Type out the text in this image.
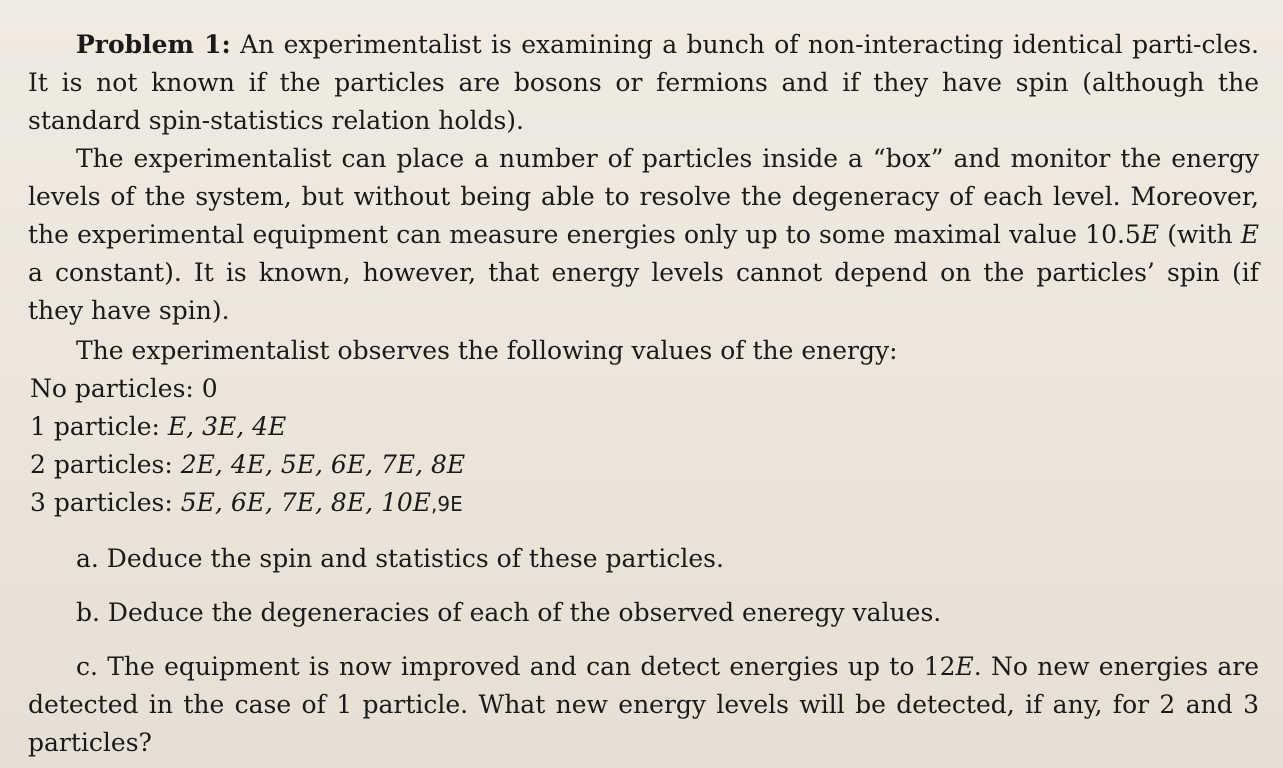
Problem 1: An experimentalist is examining a bunch of non-interacting identical parti-cles. It is not known if the particles are bosons or fermions and if they have spin (although the standard spin-statistics relation holds).
The experimentalist can place a number of particles inside a “box” and monitor the energy levels of the system, but without being able to resolve the degeneracy of each level. Moreover, the experimental equipment can measure energies only up to some maximal value 10.5E (with E a constant). It is known, however, that energy levels cannot depend on the particles’ spin (if they have spin).
The experimentalist observes the following values of the energy:
No particles: 0
1 particle: E, 3E, 4E
2 particles: 2E, 4E, 5E, 6E, 7E, 8E
3 particles: 5E, 6E, 7E, 8E, 10E,9E
a. Deduce the spin and statistics of these particles.
b. Deduce the degeneracies of each of the observed eneregy values.
c. The equipment is now improved and can detect energies up to 12E. No new energies are detected in the case of 1 particle. What new energy levels will be detected, if any, for 2 and 3 particles?
